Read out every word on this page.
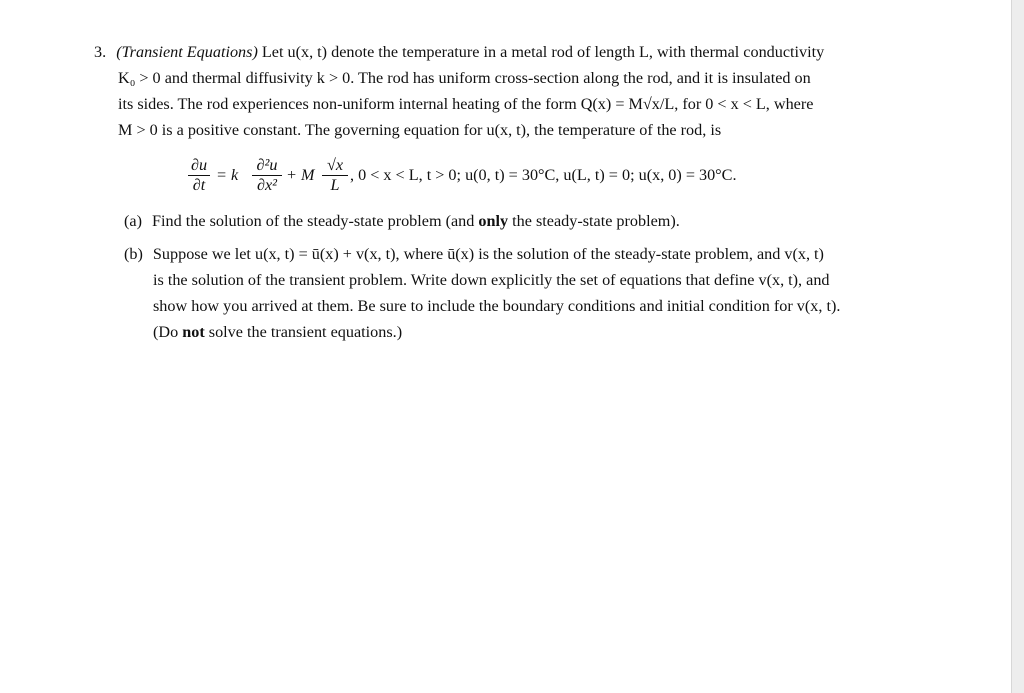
3. (Transient Equations) Let u(x, t) denote the temperature in a metal rod of length L, with thermal conductivity
K₀ > 0 and thermal diffusivity k > 0. The rod has uniform cross-section along the rod, and it is insulated on
its sides. The rod experiences non-uniform internal heating of the form Q(x) = M√x/L, for 0 < x < L, where
M > 0 is a positive constant. The governing equation for u(x, t), the temperature of the rod, is
∂u
∂t
= k
∂²u
∂x²
+ M
√x
L
, 0 < x < L, t > 0; u(0, t) = 30°C, u(L, t) = 0; u(x, 0) = 30°C.
(a) Find the solution of the steady-state problem (and only the steady-state problem).
(b) Suppose we let u(x, t) = ū(x) + v(x, t), where ū(x) is the solution of the steady-state problem, and v(x, t)
is the solution of the transient problem. Write down explicitly the set of equations that define v(x, t), and
show how you arrived at them. Be sure to include the boundary conditions and initial condition for v(x, t).
(Do not solve the transient equations.)
